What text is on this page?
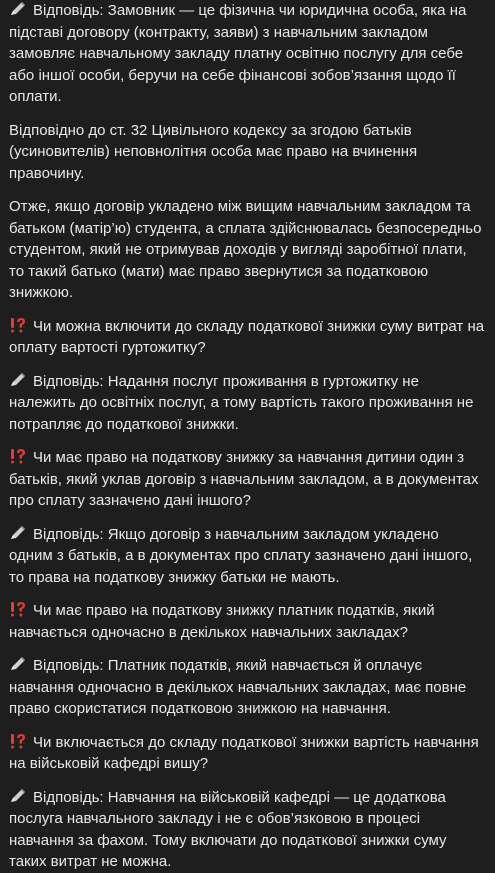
Відповідь: Замовник — це фізична чи юридична особа, яка на підставі договору (контракту, заяви) з навчальним закладом замовляє навчальному закладу платну освітню послугу для себе або іншої особи, беручи на себе фінансові зобов’язання щодо її оплати.

Відповідно до ст. 32 Цивільного кодексу за згодою батьків (усиновителів) неповнолітня особа має право на вчинення правочину.

Отже, якщо договір укладено між вищим навчальним закладом та батьком (матір’ю) студента, а сплата здійснювалась безпосередньо студентом, який не отримував доходів у вигляді заробітної плати, то такий батько (мати) має право звернутися за податковою знижкою.

Чи можна включити до складу податкової знижки суму витрат на оплату вартості гуртожитку?

Відповідь: Надання послуг проживання в гуртожитку не належить до освітніх послуг, а тому вартість такого проживання не потрапляє до податкової знижки.

Чи має право на податкову знижку за навчання дитини один з батьків, який уклав договір з навчальним закладом, а в документах про сплату зазначено дані іншого?

Відповідь: Якщо договір з навчальним закладом укладено одним з батьків, а в документах про сплату зазначено дані іншого, то права на податкову знижку батьки не мають.

Чи має право на податкову знижку платник податків, який навчається одночасно в декількох навчальних закладах?

Відповідь: Платник податків, який навчається й оплачує навчання одночасно в декількох навчальних закладах, має повне право скористатися податковою знижкою на навчання.

Чи включається до складу податкової знижки вартість навчання на військовій кафедрі вишу?

Відповідь: Навчання на військовій кафедрі — це додаткова послуга навчального закладу і не є обов’язковою в процесі навчання за фахом. Тому включати до податкової знижки суму таких витрат не можна.
